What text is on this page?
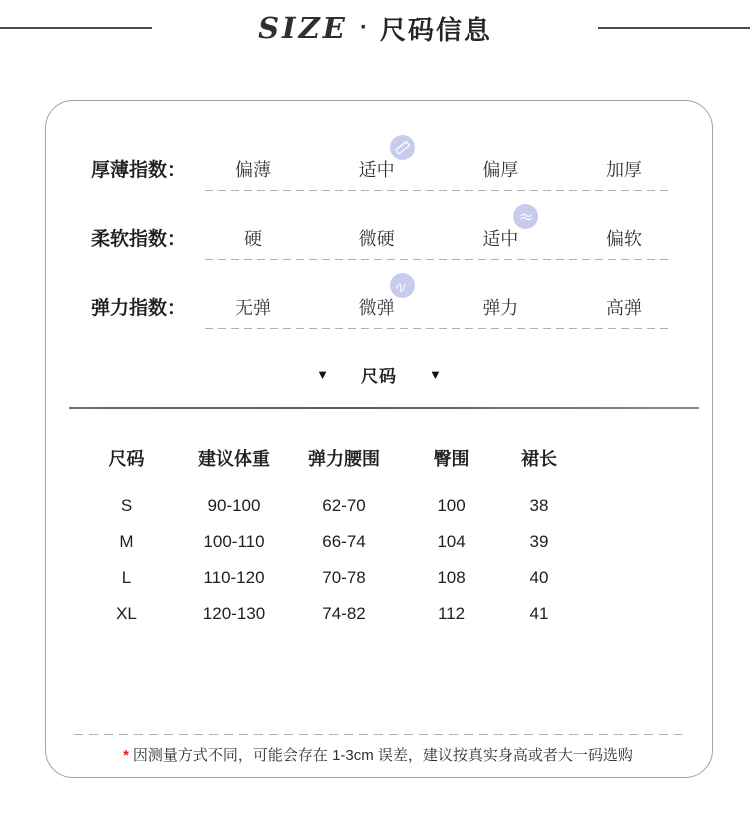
SIZE · 尺码信息
厚薄指数：	偏薄	适中	偏厚	加厚
柔软指数：	硬	微硬	适中	偏软
弹力指数：	无弹	微弹	弹力	高弹
▼ 尺码 ▼
尺码	建议体重	弹力腰围	臀围	裙长
S	90-100	62-70	100	38
M	100-110	66-74	104	39
L	110-120	70-78	108	40
XL	120-130	74-82	112	41
* 因测量方式不同，可能会存在 1-3cm 误差，建议按真实身高或者大一码选购
